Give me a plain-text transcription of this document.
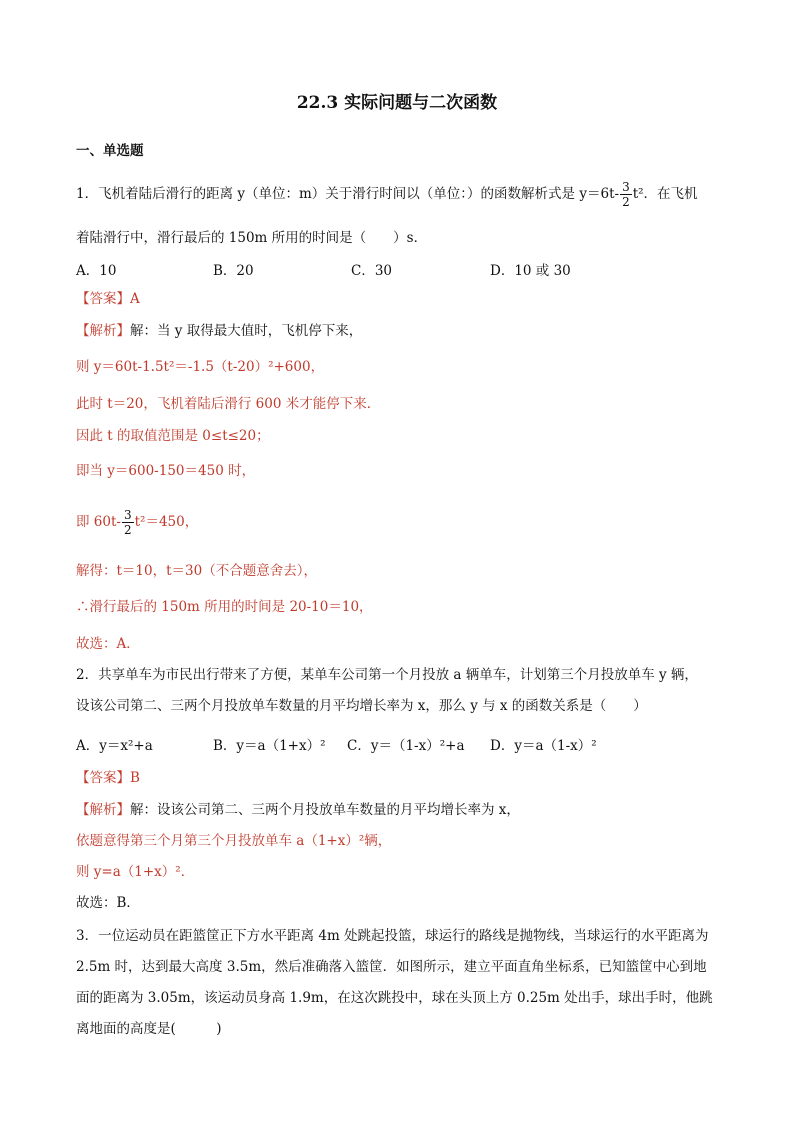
22.3 实际问题与二次函数
一、单选题
1．飞机着陆后滑行的距离 y（单位：m）关于滑行时间以（单位：）的函数解析式是 $y=6t- \frac{3}{2} t^2$．在飞机
着陆滑行中，滑行最后的 150m 所用的时间是（　　）s．
A．10	B．20	C．30	D．10 或 30
【答案】A
【解析】解：当 y 取得最大值时，飞机停下来，
则 y＝60t-1.5t²＝-1.5（t-20）²+600，
此时 t＝20，飞机着陆后滑行 600 米才能停下来．
因此 t 的取值范围是 0≤t≤20；
即当 y＝600-150＝450 时，
即 $60t- \frac{3}{2} t^2=450$，
解得：t＝10，t＝30（不合题意舍去），
∴滑行最后的 150m 所用的时间是 20-10＝10，
故选：A．
2．共享单车为市民出行带来了方便，某单车公司第一个月投放 a 辆单车，计划第三个月投放单车 y 辆，
设该公司第二、三两个月投放单车数量的月平均增长率为 x，那么 y 与 x 的函数关系是（　　）
A．y＝x²+a	B．y＝a（1+x）² C．y＝（1-x）²+a D．y＝a（1-x）²
【答案】B
【解析】解：设该公司第二、三两个月投放单车数量的月平均增长率为 x，
依题意得第三个月第三个月投放单车 a（1+x）²辆，
则 y=a（1+x）²．
故选：B．
3．一位运动员在距篮筐正下方水平距离 4m 处跳起投篮，球运行的路线是抛物线，当球运行的水平距离为
2.5m 时，达到最大高度 3.5m，然后准确落入篮筐．如图所示，建立平面直角坐标系，已知篮筐中心到地
面的距离为 3.05m，该运动员身高 1.9m，在这次跳投中，球在头顶上方 0.25m 处出手，球出手时，他跳
离地面的高度是(　　　)
